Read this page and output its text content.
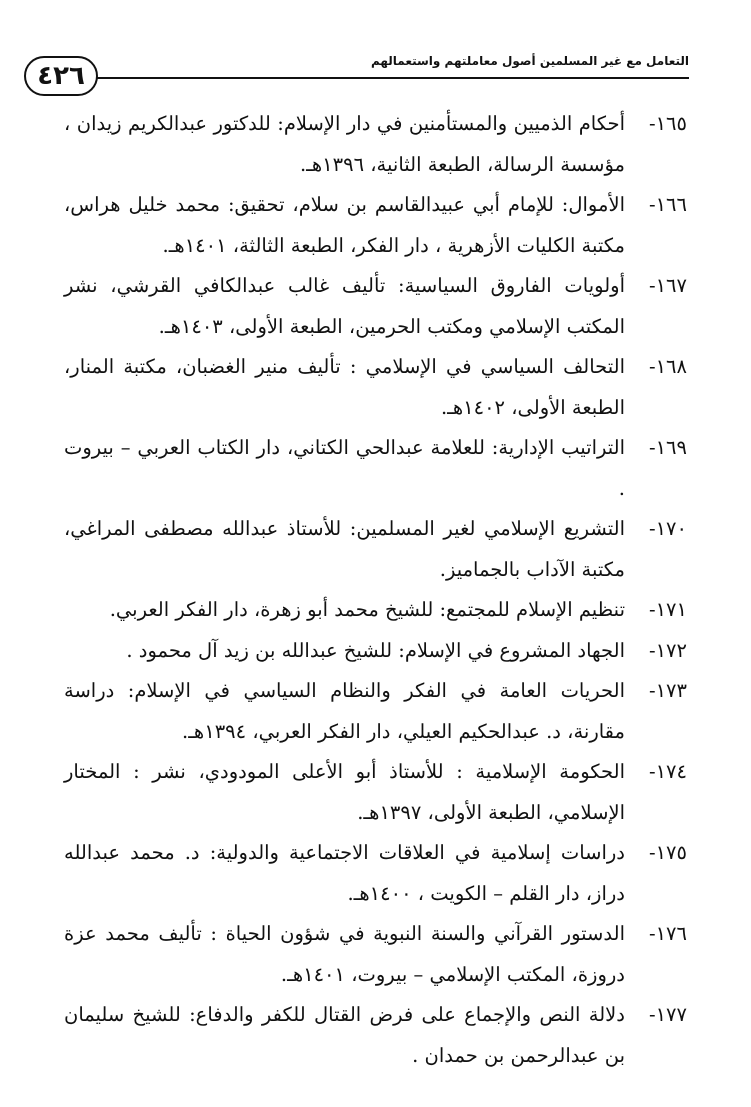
التعامل مع غير المسلمين أصول معاملتهم واستعمالهم
٤٢٦
١٦٥-
أحكام الذميين والمستأمنين في دار الإسلام: للدكتور عبدالكريم زيدان ، مؤسسة الرسالة، الطبعة الثانية، ١٣٩٦هـ.
١٦٦-
الأموال: للإمام أبي عبيدالقاسم بن سلام، تحقيق: محمد خليل هراس، مكتبة الكليات الأزهرية ، دار الفكر، الطبعة الثالثة، ١٤٠١هـ.
١٦٧-
أولويات الفاروق السياسية: تأليف غالب عبدالكافي القرشي، نشر المكتب الإسلامي ومكتب الحرمين، الطبعة الأولى، ١٤٠٣هـ.
١٦٨-
التحالف السياسي في الإسلامي : تأليف منير الغضبان، مكتبة المنار، الطبعة الأولى، ١٤٠٢هـ.
١٦٩-
التراتيب الإدارية: للعلامة عبدالحي الكتاني، دار الكتاب العربي – بيروت .
١٧٠-
التشريع الإسلامي لغير المسلمين: للأستاذ عبدالله مصطفى المراغي، مكتبة الآداب بالجماميز.
١٧١-
تنظيم الإسلام للمجتمع: للشيخ محمد أبو زهرة، دار الفكر العربي.
١٧٢-
الجهاد المشروع في الإسلام: للشيخ عبدالله بن زيد آل محمود .
١٧٣-
الحريات العامة في الفكر والنظام السياسي في الإسلام: دراسة مقارنة، د. عبدالحكيم العيلي، دار الفكر العربي، ١٣٩٤هـ.
١٧٤-
الحكومة الإسلامية : للأستاذ أبو الأعلى المودودي، نشر : المختار الإسلامي، الطبعة الأولى، ١٣٩٧هـ.
١٧٥-
دراسات إسلامية في العلاقات الاجتماعية والدولية: د. محمد عبدالله دراز، دار القلم – الكويت ، ١٤٠٠هـ.
١٧٦-
الدستور القرآني والسنة النبوية في شؤون الحياة : تأليف محمد عزة دروزة، المكتب الإسلامي – بيروت، ١٤٠١هـ.
١٧٧-
دلالة النص والإجماع على فرض القتال للكفر والدفاع: للشيخ سليمان بن عبدالرحمن بن حمدان .
